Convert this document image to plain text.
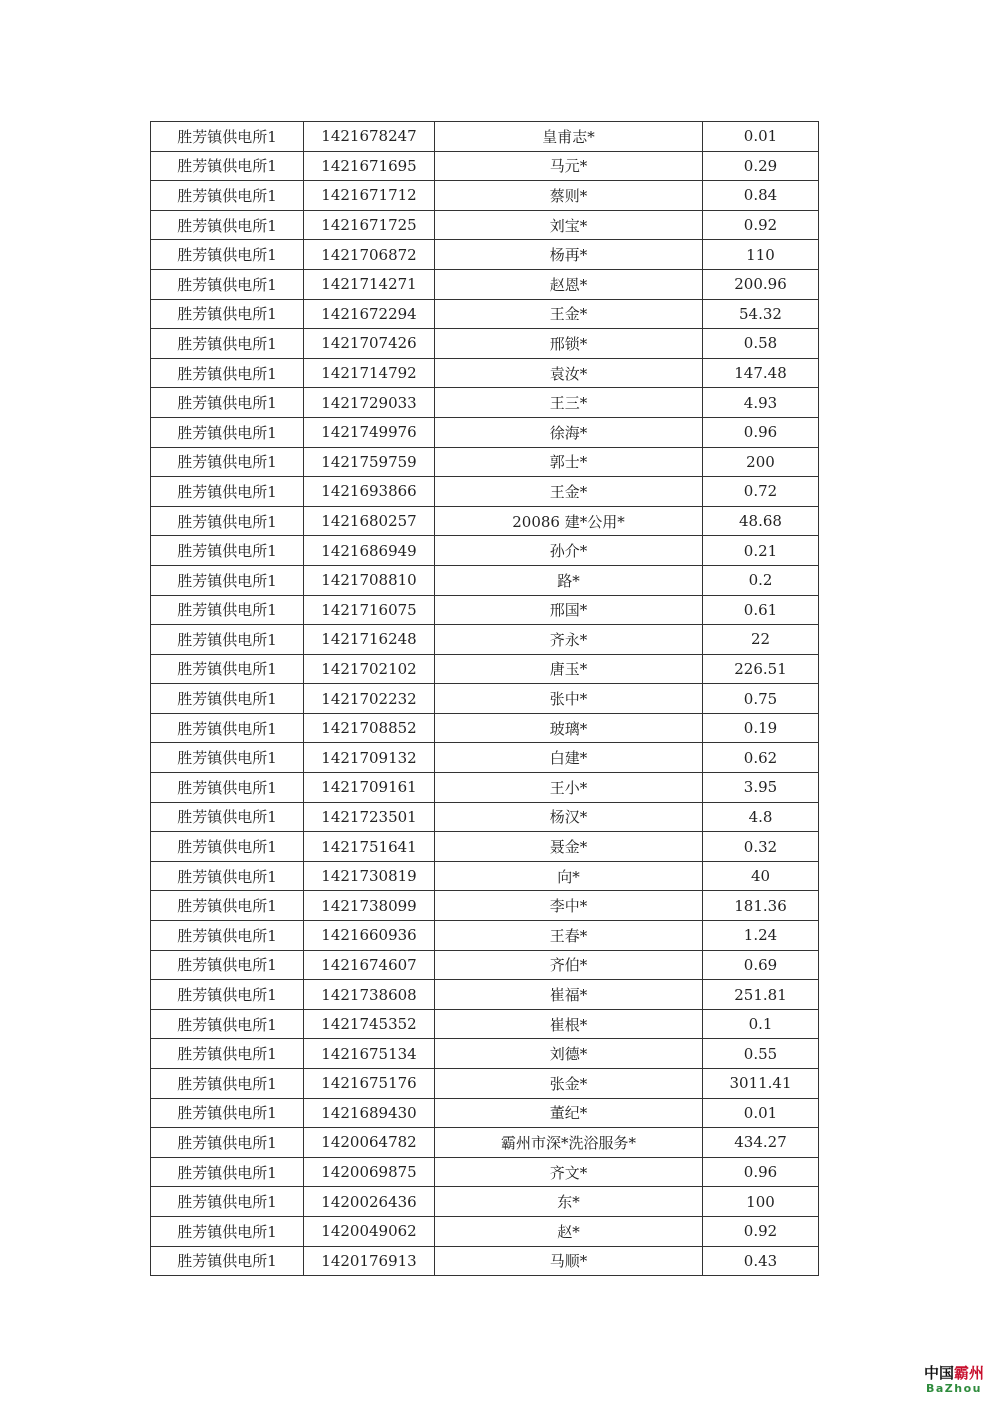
胜芳镇供电所1	1421678247	皇甫志*	0.01
胜芳镇供电所1	1421671695	马元*	0.29
胜芳镇供电所1	1421671712	蔡则*	0.84
胜芳镇供电所1	1421671725	刘宝*	0.92
胜芳镇供电所1	1421706872	杨再*	110
胜芳镇供电所1	1421714271	赵恩*	200.96
胜芳镇供电所1	1421672294	王金*	54.32
胜芳镇供电所1	1421707426	邢锁*	0.58
胜芳镇供电所1	1421714792	袁汝*	147.48
胜芳镇供电所1	1421729033	王三*	4.93
胜芳镇供电所1	1421749976	徐海*	0.96
胜芳镇供电所1	1421759759	郭士*	200
胜芳镇供电所1	1421693866	王金*	0.72
胜芳镇供电所1	1421680257	20086 建*公用*	48.68
胜芳镇供电所1	1421686949	孙介*	0.21
胜芳镇供电所1	1421708810	路*	0.2
胜芳镇供电所1	1421716075	邢国*	0.61
胜芳镇供电所1	1421716248	齐永*	22
胜芳镇供电所1	1421702102	唐玉*	226.51
胜芳镇供电所1	1421702232	张中*	0.75
胜芳镇供电所1	1421708852	玻璃*	0.19
胜芳镇供电所1	1421709132	白建*	0.62
胜芳镇供电所1	1421709161	王小*	3.95
胜芳镇供电所1	1421723501	杨汉*	4.8
胜芳镇供电所1	1421751641	聂金*	0.32
胜芳镇供电所1	1421730819	向*	40
胜芳镇供电所1	1421738099	李中*	181.36
胜芳镇供电所1	1421660936	王春*	1.24
胜芳镇供电所1	1421674607	齐伯*	0.69
胜芳镇供电所1	1421738608	崔福*	251.81
胜芳镇供电所1	1421745352	崔根*	0.1
胜芳镇供电所1	1421675134	刘德*	0.55
胜芳镇供电所1	1421675176	张金*	3011.41
胜芳镇供电所1	1421689430	董纪*	0.01
胜芳镇供电所1	1420064782	霸州市深*洗浴服务*	434.27
胜芳镇供电所1	1420069875	齐文*	0.96
胜芳镇供电所1	1420026436	东*	100
胜芳镇供电所1	1420049062	赵*	0.92
胜芳镇供电所1	1420176913	马顺*	0.43
中国霸州
BaZhou
